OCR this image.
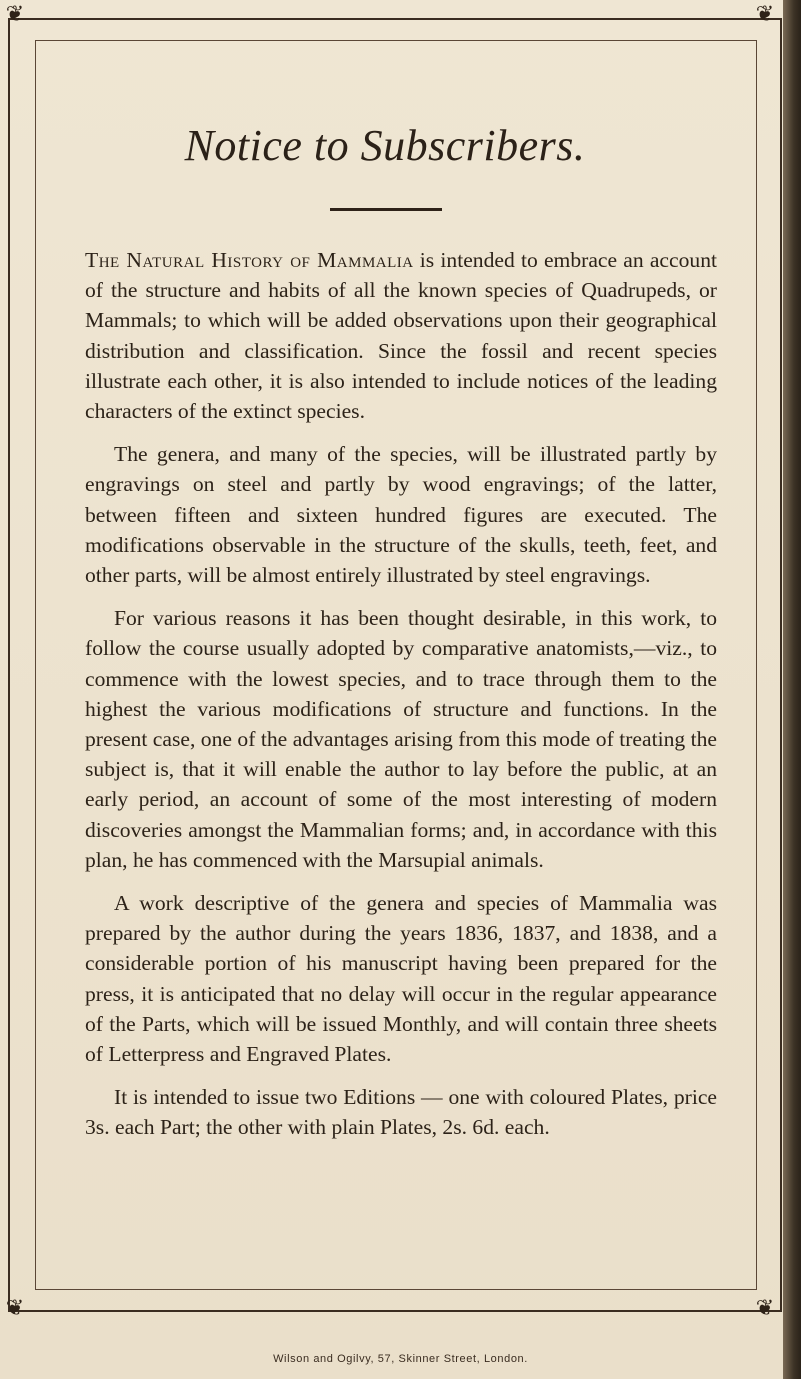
❦	❦
❦	❦
Notice to Subscribers.

The Natural History of Mammalia is intended to embrace an account of the structure and habits of all the known species of Quadrupeds, or Mammals; to which will be added observations upon their geographical distribution and classification. Since the fossil and recent species illustrate each other, it is also intended to include notices of the leading characters of the extinct species.

The genera, and many of the species, will be illustrated partly by engravings on steel and partly by wood engravings; of the latter, between fifteen and sixteen hundred figures are executed. The modifications observable in the structure of the skulls, teeth, feet, and other parts, will be almost entirely illustrated by steel engravings.

For various reasons it has been thought desirable, in this work, to follow the course usually adopted by comparative anatomists,—viz., to commence with the lowest species, and to trace through them to the highest the various modifications of structure and functions. In the present case, one of the advantages arising from this mode of treating the subject is, that it will enable the author to lay before the public, at an early period, an account of some of the most interesting of modern discoveries amongst the Mammalian forms; and, in accordance with this plan, he has commenced with the Marsupial animals.

A work descriptive of the genera and species of Mammalia was prepared by the author during the years 1836, 1837, and 1838, and a considerable portion of his manuscript having been prepared for the press, it is anticipated that no delay will occur in the regular appearance of the Parts, which will be issued Monthly, and will contain three sheets of Letterpress and Engraved Plates.

It is intended to issue two Editions — one with coloured Plates, price 3s. each Part; the other with plain Plates, 2s. 6d. each.

Wilson and Ogilvy, 57, Skinner Street, London.
